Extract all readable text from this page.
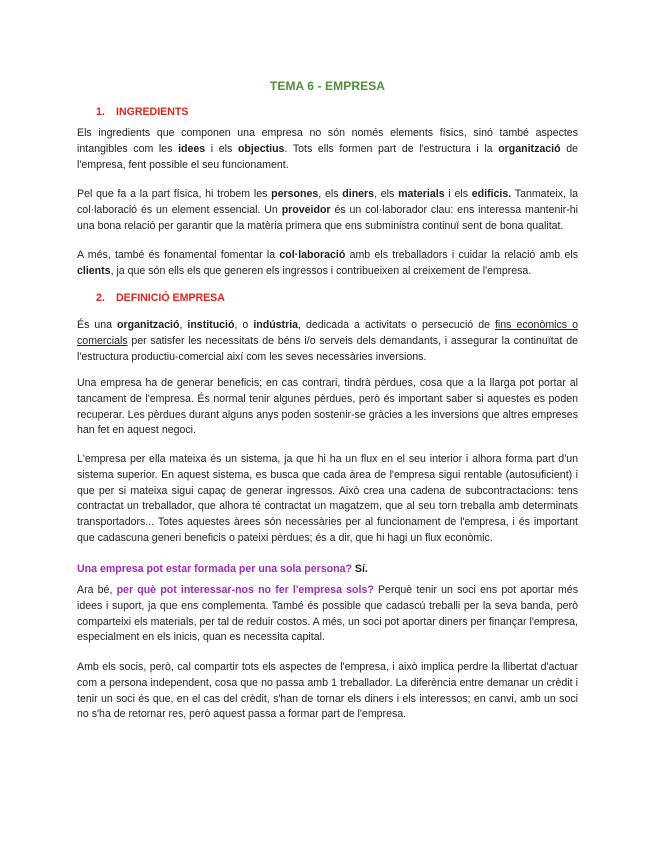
TEMA 6 - EMPRESA
1. INGREDIENTS

Els ingredients que componen una empresa no són només elements físics, sinó també aspectes intangibles com les idees i els objectius. Tots ells formen part de l'estructura i la organització de l'empresa, fent possible el seu funcionament.

Pel que fa a la part física, hi trobem les persones, els diners, els materials i els edificis. Tanmateix, la col·laboració és un element essencial. Un proveidor és un col·laborador clau: ens interessa mantenir-hi una bona relació per garantir que la matèria primera que ens subministra continuï sent de bona qualitat.

A més, també és fonamental fomentar la col·laboració amb els treballadors i cuidar la relació amb els clients, ja que són ells els que generen els ingressos i contribueixen al creixement de l'empresa.

2. DEFINICIÓ EMPRESA

És una organització, institució, o indústria, dedicada a activitats o persecució de fins econòmics o comercials per satisfer les necessitats de béns i/o serveis dels demandants, i assegurar la continuïtat de l'estructura productiu-comercial així com les seves necessàries inversions.

Una empresa ha de generar beneficis; en cas contrari, tindrà pèrdues, cosa que a la llarga pot portar al tancament de l'empresa. És normal tenir algunes pèrdues, però és important saber si aquestes es poden recuperar. Les pèrdues durant alguns anys poden sostenir-se gràcies a les inversions que altres empreses han fet en aquest negoci.

L'empresa per ella mateixa és un sistema, ja que hi ha un flux en el seu interior i alhora forma part d'un sistema superior. En aquest sistema, es busca que cada àrea de l'empresa sigui rentable (autosuficient) i que per si mateixa sigui capaç de generar ingressos. Això crea una cadena de subcontractacions: tens contractat un treballador, que alhora té contractat un magatzem, que al seu torn treballa amb determinats transportadors... Totes aquestes àrees són necessàries per al funcionament de l'empresa, i és important que cadascuna generi beneficis o pateixi pèrdues; és a dir, que hi hagi un flux econòmic.

Una empresa pot estar formada per una sola persona? Sí.

Ara bé, per què pot interessar-nos no fer l'empresa sols? Perquè tenir un soci ens pot aportar més idees i suport, ja que ens complementa. També és possible que cadascú treballi per la seva banda, però comparteixi els materials, per tal de reduir costos. A més, un soci pot aportar diners per finançar l'empresa, especialment en els inicis, quan es necessita capital.

Amb els socis, però, cal compartir tots els aspectes de l'empresa, i això implica perdre la llibertat d'actuar com a persona independent, cosa que no passa amb 1 treballador. La diferència entre demanar un crèdit i tenir un soci és que, en el cas del crèdit, s'han de tornar els diners i els interessos; en canvi, amb un soci no s'ha de retornar res, però aquest passa a formar part de l'empresa.
